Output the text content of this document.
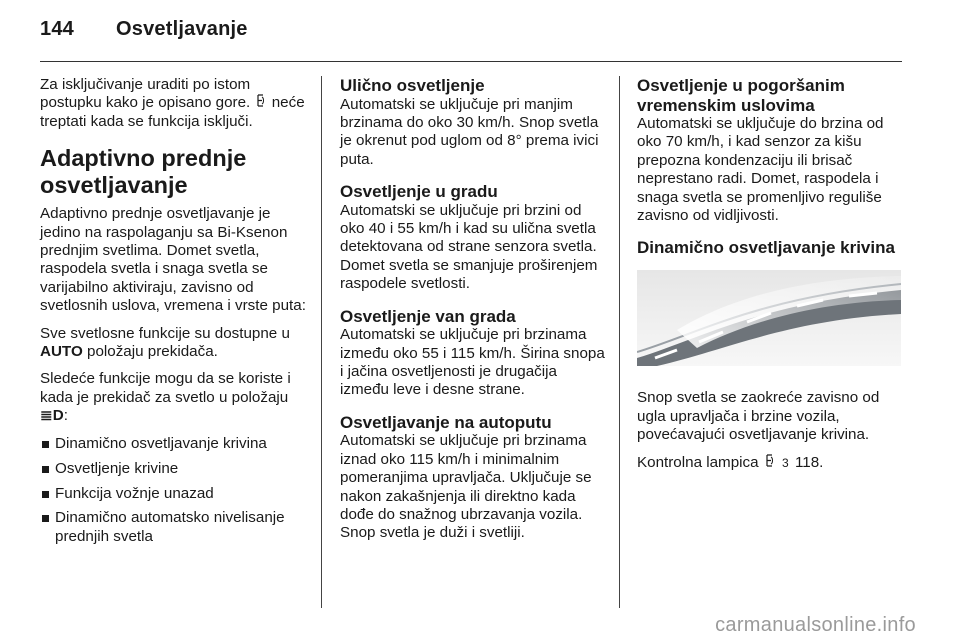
144 Osvetljavanje

Za isključivanje uraditi po istom postupku kako je opisano gore. neće treptati kada se funkcija isključi.

Adaptivno prednje osvetljavanje

Adaptivno prednje osvetljavanje je jedino na raspolaganju sa Bi-Ksenon prednjim svetlima. Domet svetla, raspodela svetla i snaga svetla se varijabilno aktiviraju, zavisno od svetlosnih uslova, vremena i vrste puta:

Sve svetlosne funkcije su dostupne u AUTO položaju prekidača.

Sledeće funkcije mogu da se koriste i kada je prekidač za svetlo u položaju ≣D:

Dinamično osvetljavanje krivina
Osvetljenje krivine
Funkcija vožnje unazad
Dinamično automatsko nivelisanje prednjih svetla
Ulično osvetljenje

Automatski se uključuje pri manjim brzinama do oko 30 km/h. Snop svetla je okrenut pod uglom od 8° prema ivici puta.

Osvetljenje u gradu

Automatski se uključuje pri brzini od oko 40 i 55 km/h i kad su ulična svetla detektovana od strane senzora svetla. Domet svetla se smanjuje proširenjem raspodele svetlosti.

Osvetljenje van grada

Automatski se uključuje pri brzinama između oko 55 i 115 km/h. Širina snopa i jačina osvetljenosti je drugačija između leve i desne strane.

Osvetljavanje na autoputu

Automatski se uključuje pri brzinama iznad oko 115 km/h i minimalnim pomeranjima upravljača. Uključuje se nakon zakašnjenja ili direktno kada dođe do snažnog ubrzavanja vozila. Snop svetla je duži i svetliji.

Osvetljenje u pogoršanim vremenskim uslovima

Automatski se uključuje do brzina od oko 70 km/h, i kad senzor za kišu prepozna kondenzaciju ili brisač neprestano radi. Domet, raspodela i snaga svetla se promenljivo reguliše zavisno od vidljivosti.

Dinamično osvetljavanje krivina

Snop svetla se zaokreće zavisno od ugla upravljača i brzine vozila, povećavajući osvetljavanje krivina.

Kontrolna lampica 3 118.

carmanualsonline.info
